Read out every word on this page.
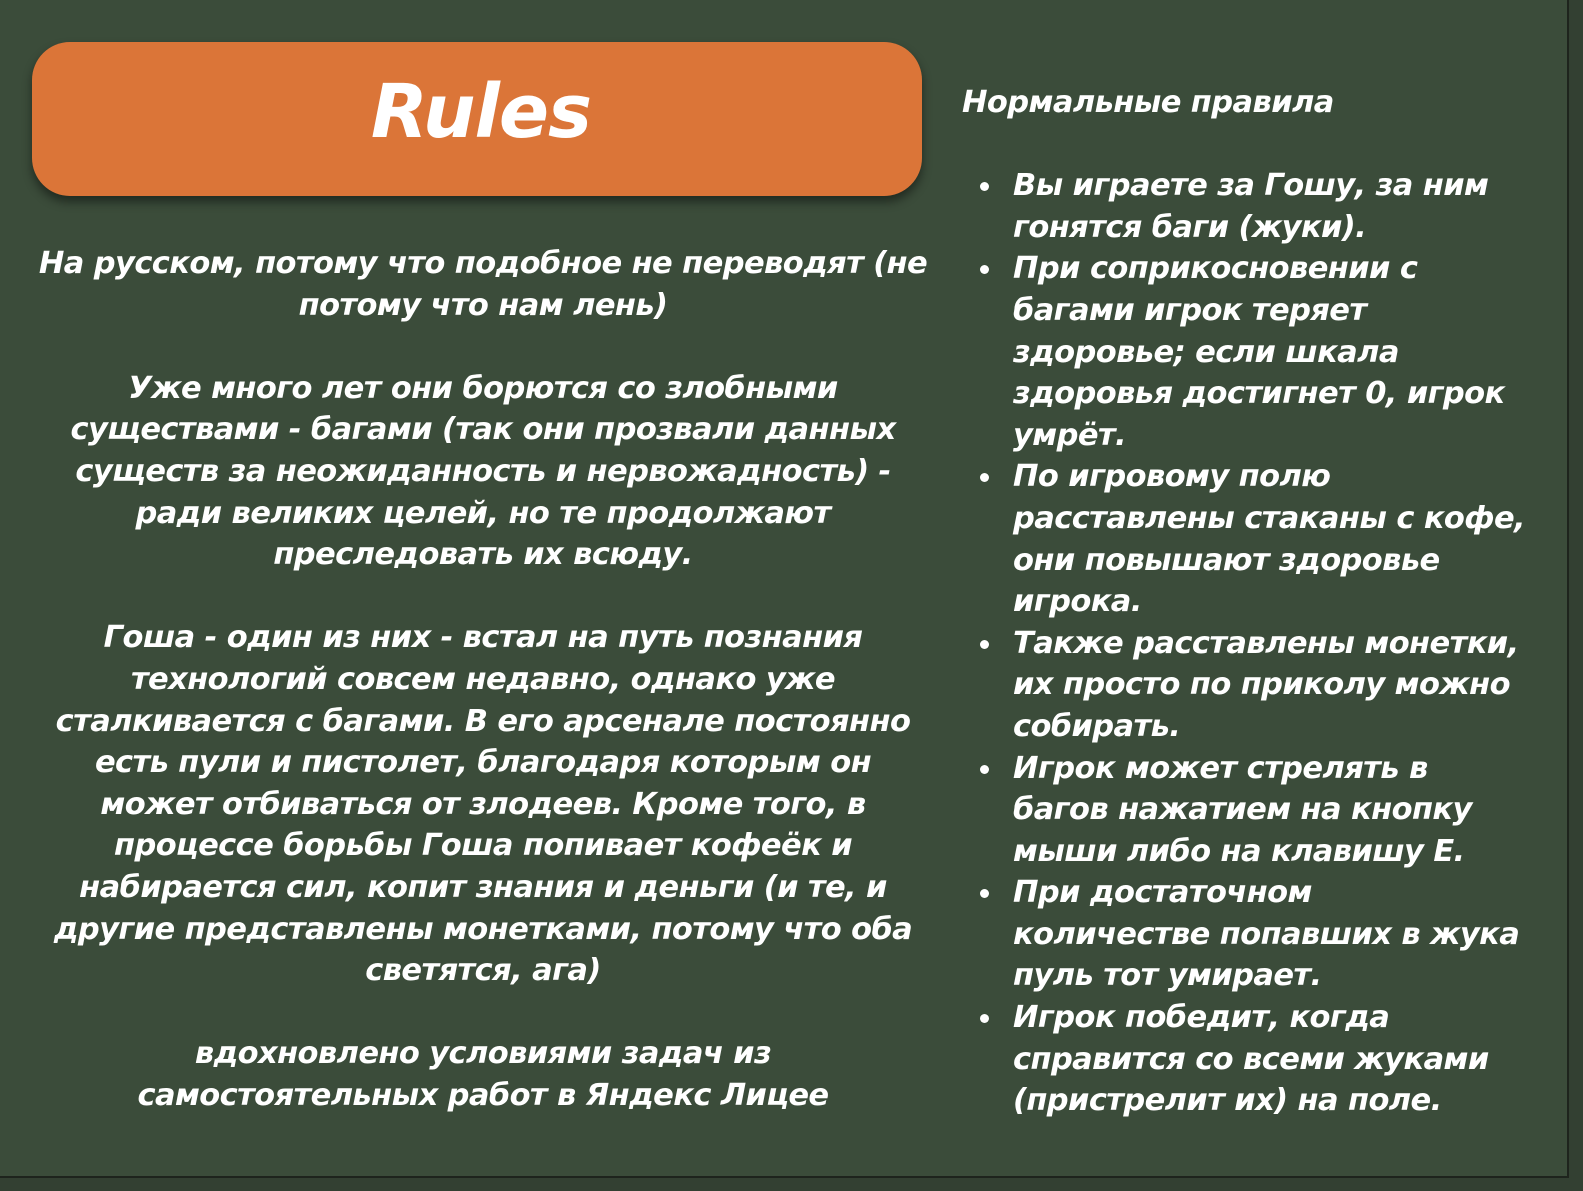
Rules

На русском, потому что подобное не переводят (не
потому что нам лень)

Уже много лет они борются со злобными
существами - багами (так они прозвали данных
существ за неожиданность и нервожадность) -
ради великих целей, но те продолжают
преследовать их всюду.

Гоша - один из них - встал на путь познания
технологий совсем недавно, однако уже
сталкивается с багами. В его арсенале постоянно
есть пули и пистолет, благодаря которым он
может отбиваться от злодеев. Кроме того, в
процессе борьбы Гоша попивает кофеёк и
набирается сил, копит знания и деньги (и те, и
другие представлены монетками, потому что оба
светятся, ага)

вдохновлено условиями задач из
самостоятельных работ в Яндекс Лицее

Нормальные правила

Вы играете за Гошу, за ним
гонятся баги (жуки).
При соприкосновении с
багами игрок теряет
здоровье; если шкала
здоровья достигнет 0, игрок
умрёт.
По игровому полю
расставлены стаканы с кофе,
они повышают здоровье
игрока.
Также расставлены монетки,
их просто по приколу можно
собирать.
Игрок может стрелять в
багов нажатием на кнопку
мыши либо на клавишу E.
При достаточном
количестве попавших в жука
пуль тот умирает.
Игрок победит, когда
справится со всеми жуками
(пристрелит их) на поле.
